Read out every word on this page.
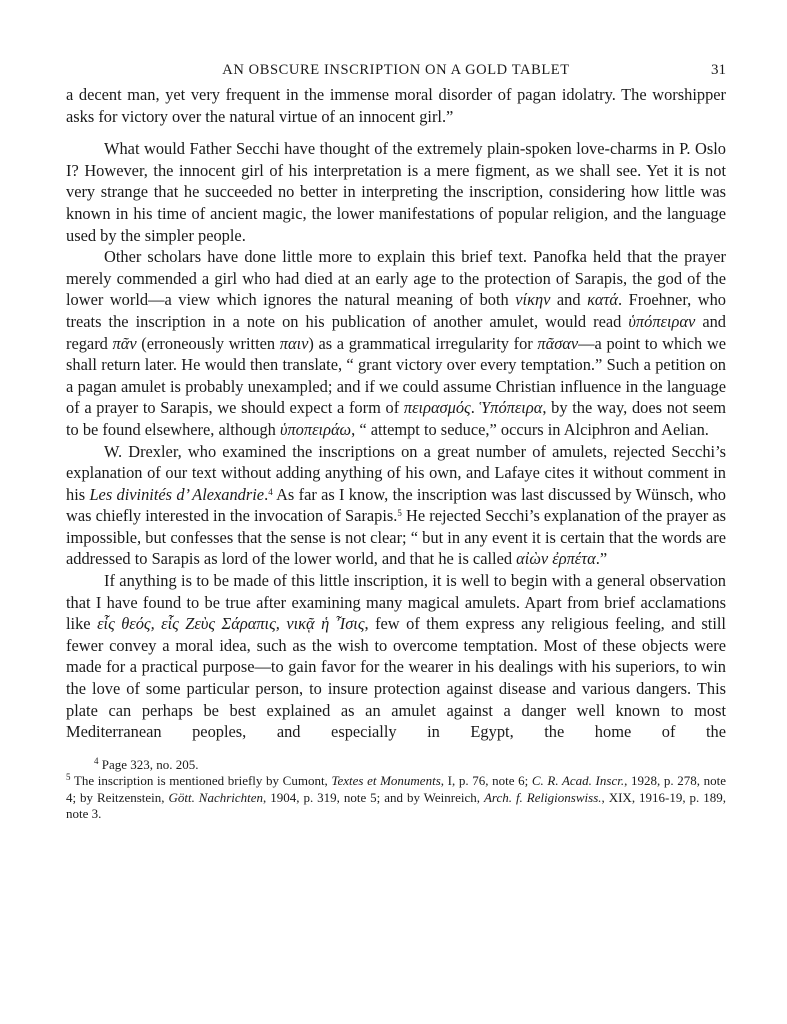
AN OBSCURE INSCRIPTION ON A GOLD TABLET	31

a decent man, yet very frequent in the immense moral disorder of pagan idolatry. The worshipper asks for victory over the natural virtue of an innocent girl.”

What would Father Secchi have thought of the extremely plain-spoken love-charms in P. Oslo I? However, the innocent girl of his interpretation is a mere figment, as we shall see. Yet it is not very strange that he succeeded no better in interpreting the inscription, considering how little was known in his time of ancient magic, the lower manifestations of popular religion, and the language used by the simpler people.

Other scholars have done little more to explain this brief text. Panofka held that the prayer merely commended a girl who had died at an early age to the protection of Sarapis, the god of the lower world—a view which ignores the natural meaning of both νίκην and κατά. Froehner, who treats the inscription in a note on his publication of another amulet, would read ὑπόπειραν and regard πᾶν (erroneously written παιν) as a grammatical irregularity for πᾶσαν—a point to which we shall return later. He would then translate, “ grant victory over every temptation.” Such a petition on a pagan amulet is probably unexampled; and if we could assume Christian influence in the language of a prayer to Sarapis, we should expect a form of πειρασμός. Ὑπόπειρα, by the way, does not seem to be found elsewhere, although ὑποπειράω, “ attempt to seduce,” occurs in Alciphron and Aelian.

W. Drexler, who examined the inscriptions on a great number of amulets, rejected Secchi’s explanation of our text without adding anything of his own, and Lafaye cites it without comment in his Les divinités d’ Alexandrie.$^4$ As far as I know, the inscription was last discussed by Wünsch, who was chiefly interested in the invocation of Sarapis.$^5$ He rejected Secchi’s explanation of the prayer as impossible, but confesses that the sense is not clear; “ but in any event it is certain that the words are addressed to Sarapis as lord of the lower world, and that he is called αἰὼν ἐρπέτα.”

If anything is to be made of this little inscription, it is well to begin with a general observation that I have found to be true after examining many magical amulets. Apart from brief acclamations like εἷς θεός, εἷς Ζεὺς Σάραπις, νικᾷ ἡ Ἶσις, few of them express any religious feeling, and still fewer convey a moral idea, such as the wish to overcome temptation. Most of these objects were made for a practical purpose—to gain favor for the wearer in his dealings with his superiors, to win the love of some particular person, to insure protection against disease and various dangers. This plate can perhaps be best explained as an amulet against a danger well known to most Mediterranean peoples, and especially in Egypt, the home of the

$^4$ Page 323, no. 205.

$^5$ The inscription is mentioned briefly by Cumont, Textes et Monuments, I, p. 76, note 6; C. R. Acad. Inscr., 1928, p. 278, note 4; by Reitzenstein, Gött. Nachrichten, 1904, p. 319, note 5; and by Weinreich, Arch. f. Religionswiss., XIX, 1916-19, p. 189, note 3.
